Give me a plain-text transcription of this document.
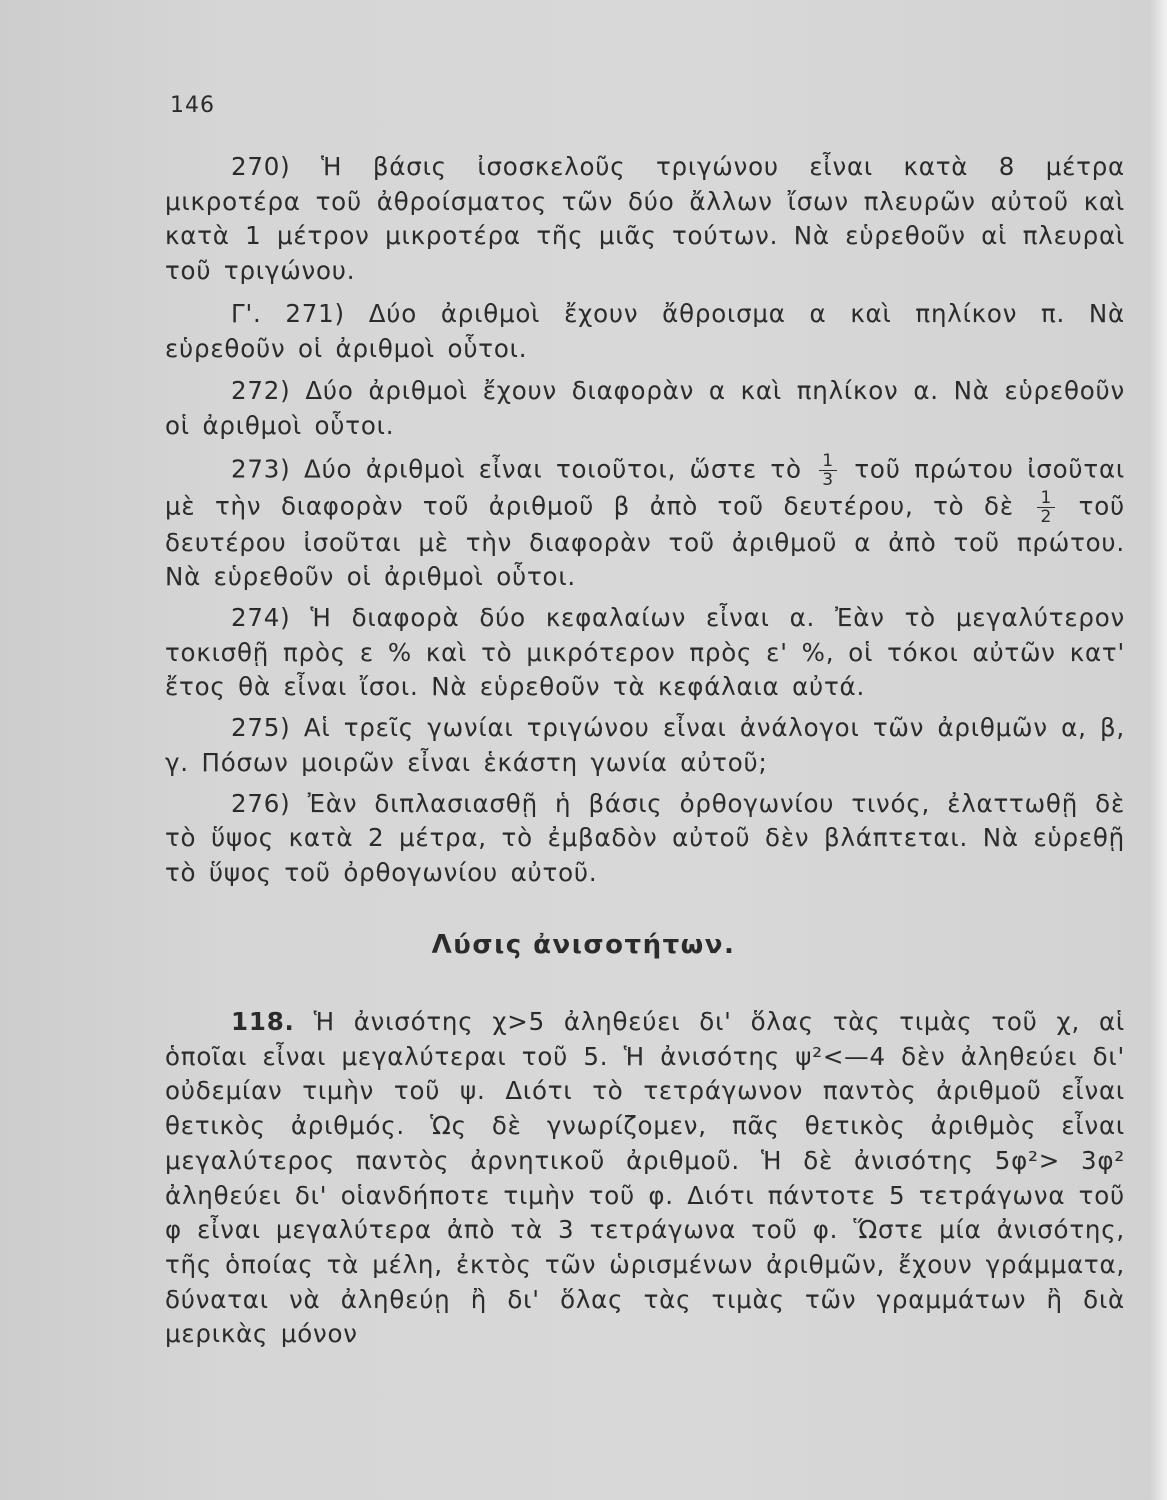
146

270) Ἡ βάσις ἰσοσκελοῦς τριγώνου εἶναι κατὰ 8 μέτρα μικροτέρα τοῦ ἀθροίσματος τῶν δύο ἄλλων ἴσων πλευρῶν αὐτοῦ καὶ κατὰ 1 μέτρον μικροτέρα τῆς μιᾶς τούτων. Νὰ εὑρεθοῦν αἱ πλευραὶ τοῦ τριγώνου.

Γ'. 271) Δύο ἀριθμοὶ ἔχουν ἄθροισμα α καὶ πηλίκον π. Νὰ εὑρεθοῦν οἱ ἀριθμοὶ οὗτοι.

272) Δύο ἀριθμοὶ ἔχουν διαφορὰν α καὶ πηλίκον α. Νὰ εὑρεθοῦν οἱ ἀριθμοὶ οὗτοι.

273) Δύο ἀριθμοὶ εἶναι τοιοῦτοι, ὥστε τὸ $\frac{1}{3}$ τοῦ πρώτου ἰσοῦται μὲ τὴν διαφορὰν τοῦ ἀριθμοῦ β ἀπὸ τοῦ δευτέρου, τὸ δὲ $\frac{1}{2}$ τοῦ δευτέρου ἰσοῦται μὲ τὴν διαφορὰν τοῦ ἀριθμοῦ α ἀπὸ τοῦ πρώτου. Νὰ εὑρεθοῦν οἱ ἀριθμοὶ οὗτοι.

274) Ἡ διαφορὰ δύο κεφαλαίων εἶναι α. Ἐὰν τὸ μεγαλύτερον τοκισθῇ πρὸς ε % καὶ τὸ μικρότερον πρὸς ε' %, οἱ τόκοι αὐτῶν κατ' ἔτος θὰ εἶναι ἴσοι. Νὰ εὑρεθοῦν τὰ κεφάλαια αὐτά.

275) Αἱ τρεῖς γωνίαι τριγώνου εἶναι ἀνάλογοι τῶν ἀριθμῶν α, β, γ. Πόσων μοιρῶν εἶναι ἑκάστη γωνία αὐτοῦ;

276) Ἐὰν διπλασιασθῇ ἡ βάσις ὀρθογωνίου τινός, ἐλαττωθῇ δὲ τὸ ὕψος κατὰ 2 μέτρα, τὸ ἐμβαδὸν αὐτοῦ δὲν βλάπτεται. Νὰ εὑρεθῇ τὸ ὕψος τοῦ ὀρθογωνίου αὐτοῦ.

Λύσις ἀνισοτήτων.

118. Ἡ ἀνισότης χ>5 ἀληθεύει δι' ὅλας τὰς τιμὰς τοῦ χ, αἱ ὁποῖαι εἶναι μεγαλύτεραι τοῦ 5. Ἡ ἀνισότης ψ²<—4 δὲν ἀληθεύει δι' οὐδεμίαν τιμὴν τοῦ ψ. Διότι τὸ τετράγωνον παντὸς ἀριθμοῦ εἶναι θετικὸς ἀριθμός. Ὡς δὲ γνωρίζομεν, πᾶς θετικὸς ἀριθμὸς εἶναι μεγαλύτερος παντὸς ἀρνητικοῦ ἀριθμοῦ. Ἡ δὲ ἀνισότης 5φ²> 3φ² ἀληθεύει δι' οἱανδήποτε τιμὴν τοῦ φ. Διότι πάντοτε 5 τετράγωνα τοῦ φ εἶναι μεγαλύτερα ἀπὸ τὰ 3 τετράγωνα τοῦ φ. Ὥστε μία ἀνισότης, τῆς ὁποίας τὰ μέλη, ἐκτὸς τῶν ὡρισμένων ἀριθμῶν, ἔχουν γράμματα, δύναται νὰ ἀληθεύῃ ἢ δι' ὅλας τὰς τιμὰς τῶν γραμμάτων ἢ διὰ μερικὰς μόνον
